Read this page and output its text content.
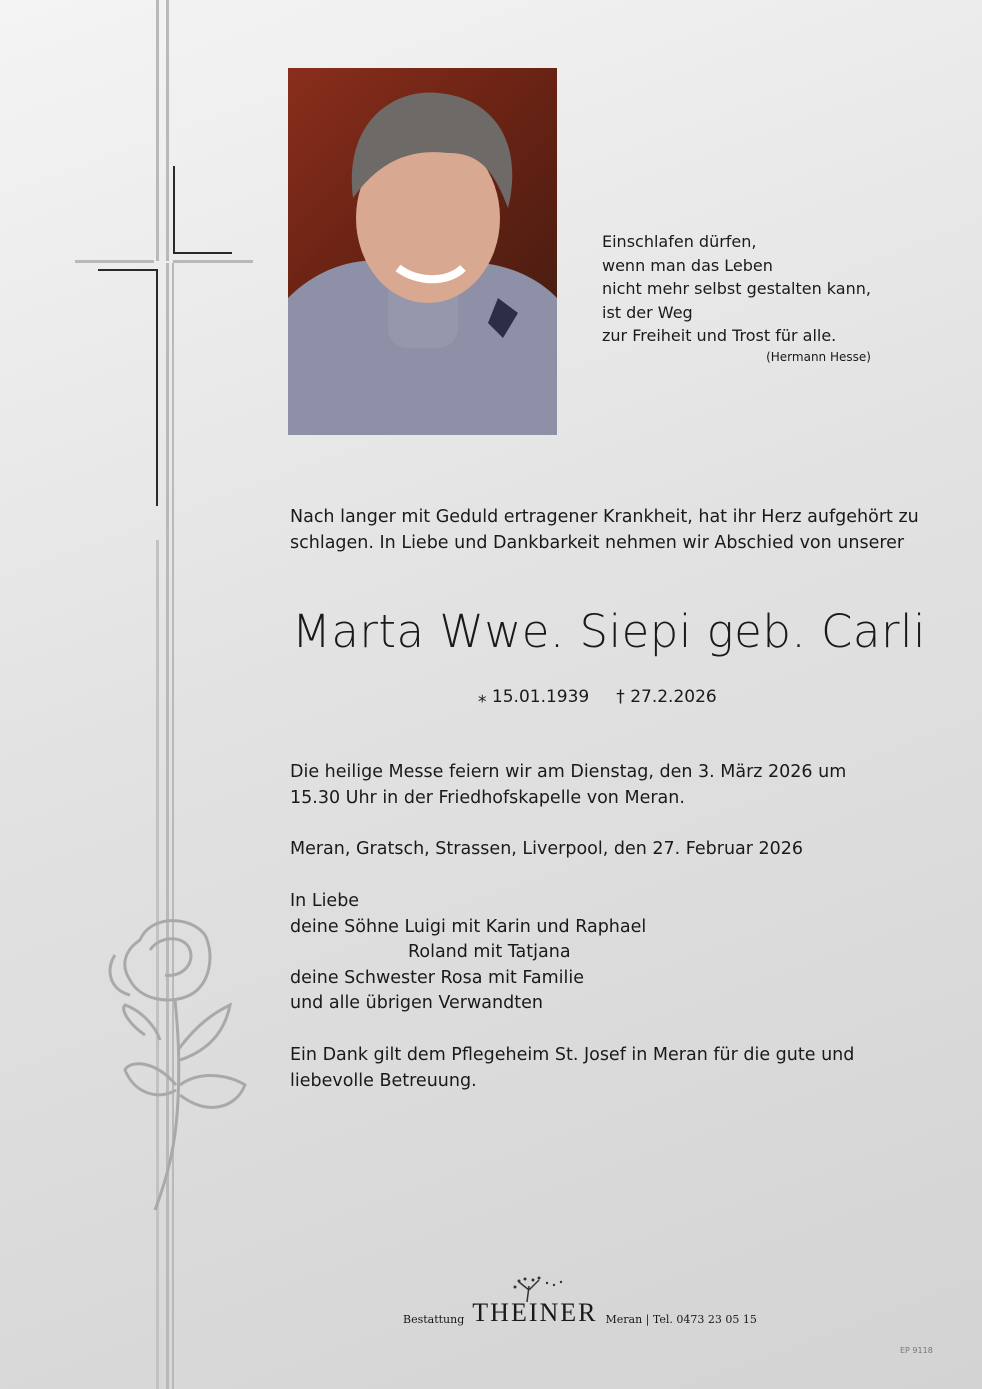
Einschlafen dürfen,
wenn man das Leben
nicht mehr selbst gestalten kann,
ist der Weg
zur Freiheit und Trost für alle.
(Hermann Hesse)
Nach langer mit Geduld ertragener Krankheit, hat ihr Herz aufgehört zu
schlagen. In Liebe und Dankbarkeit nehmen wir Abschied von unserer
Marta Wwe. Siepi geb. Carli
⁎ 15.01.1939 † 27.2.2026
Die heilige Messe feiern wir am Dienstag, den 3. März 2026 um
15.30 Uhr in der Friedhofskapelle von Meran.
Meran, Gratsch, Strassen, Liverpool, den 27. Februar 2026
In Liebe
deine Söhne Luigi mit Karin und Raphael
Roland mit Tatjana
deine Schwester Rosa mit Familie
und alle übrigen Verwandten
Ein Dank gilt dem Pflegeheim St. Josef in Meran für die gute und
liebevolle Betreuung.
Bestattung THEINER Meran | Tel. 0473 23 05 15
EP 9118
